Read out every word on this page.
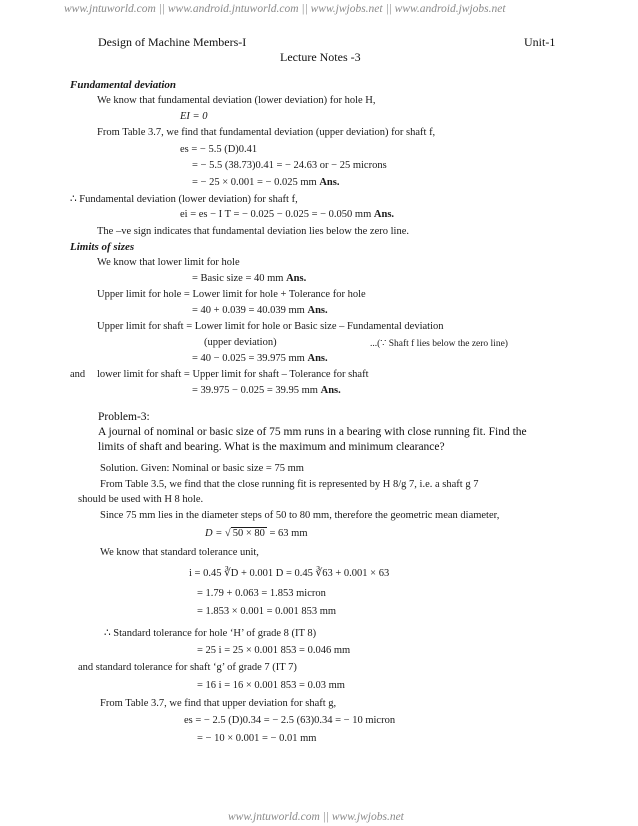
www.jntuworld.com || www.android.jntuworld.com || www.jwjobs.net || www.android.jwjobs.net
www.jntuworld.com || www.jwjobs.net
Design of Machine Members-I	Unit-1
Lecture Notes -3
Fundamental deviation
We know that fundamental deviation (lower deviation) for hole H,
EI = 0
From Table 3.7, we find that fundamental deviation (upper deviation) for shaft f,
es = − 5.5 (D)0.41
= − 5.5 (38.73)0.41 = − 24.63 or − 25 microns
= − 25 × 0.001 = − 0.025 mm Ans.
∴ Fundamental deviation (lower deviation) for shaft f,
ei = es − I T = − 0.025 − 0.025 = − 0.050 mm Ans.
The –ve sign indicates that fundamental deviation lies below the zero line.
Limits of sizes
We know that lower limit for hole
= Basic size = 40 mm Ans.
Upper limit for hole = Lower limit for hole + Tolerance for hole
= 40 + 0.039 = 40.039 mm Ans.
Upper limit for shaft = Lower limit for hole or Basic size – Fundamental deviation
(upper deviation)	...(∵ Shaft f lies below the zero line)
= 40 − 0.025 = 39.975 mm Ans.
and lower limit for shaft = Upper limit for shaft – Tolerance for shaft
= 39.975 − 0.025 = 39.95 mm Ans.
Problem-3:
A journal of nominal or basic size of 75 mm runs in a bearing with close running fit. Find the
limits of shaft and bearing. What is the maximum and minimum clearance?
Solution. Given: Nominal or basic size = 75 mm
From Table 3.5, we find that the close running fit is represented by H 8/g 7, i.e. a shaft g 7
should be used with H 8 hole.
Since 75 mm lies in the diameter steps of 50 to 80 mm, therefore the geometric mean diameter,
D = √ 50 × 80 = 63 mm
We know that standard tolerance unit,
i = 0.45 ∛D + 0.001 D = 0.45 ∛63 + 0.001 × 63
= 1.79 + 0.063 = 1.853 micron
= 1.853 × 0.001 = 0.001 853 mm
∴ Standard tolerance for hole ‘H’ of grade 8 (IT 8)
= 25 i = 25 × 0.001 853 = 0.046 mm
and standard tolerance for shaft ‘g’ of grade 7 (IT 7)
= 16 i = 16 × 0.001 853 = 0.03 mm
From Table 3.7, we find that upper deviation for shaft g,
es = − 2.5 (D)0.34 = − 2.5 (63)0.34 = − 10 micron
= − 10 × 0.001 = − 0.01 mm
